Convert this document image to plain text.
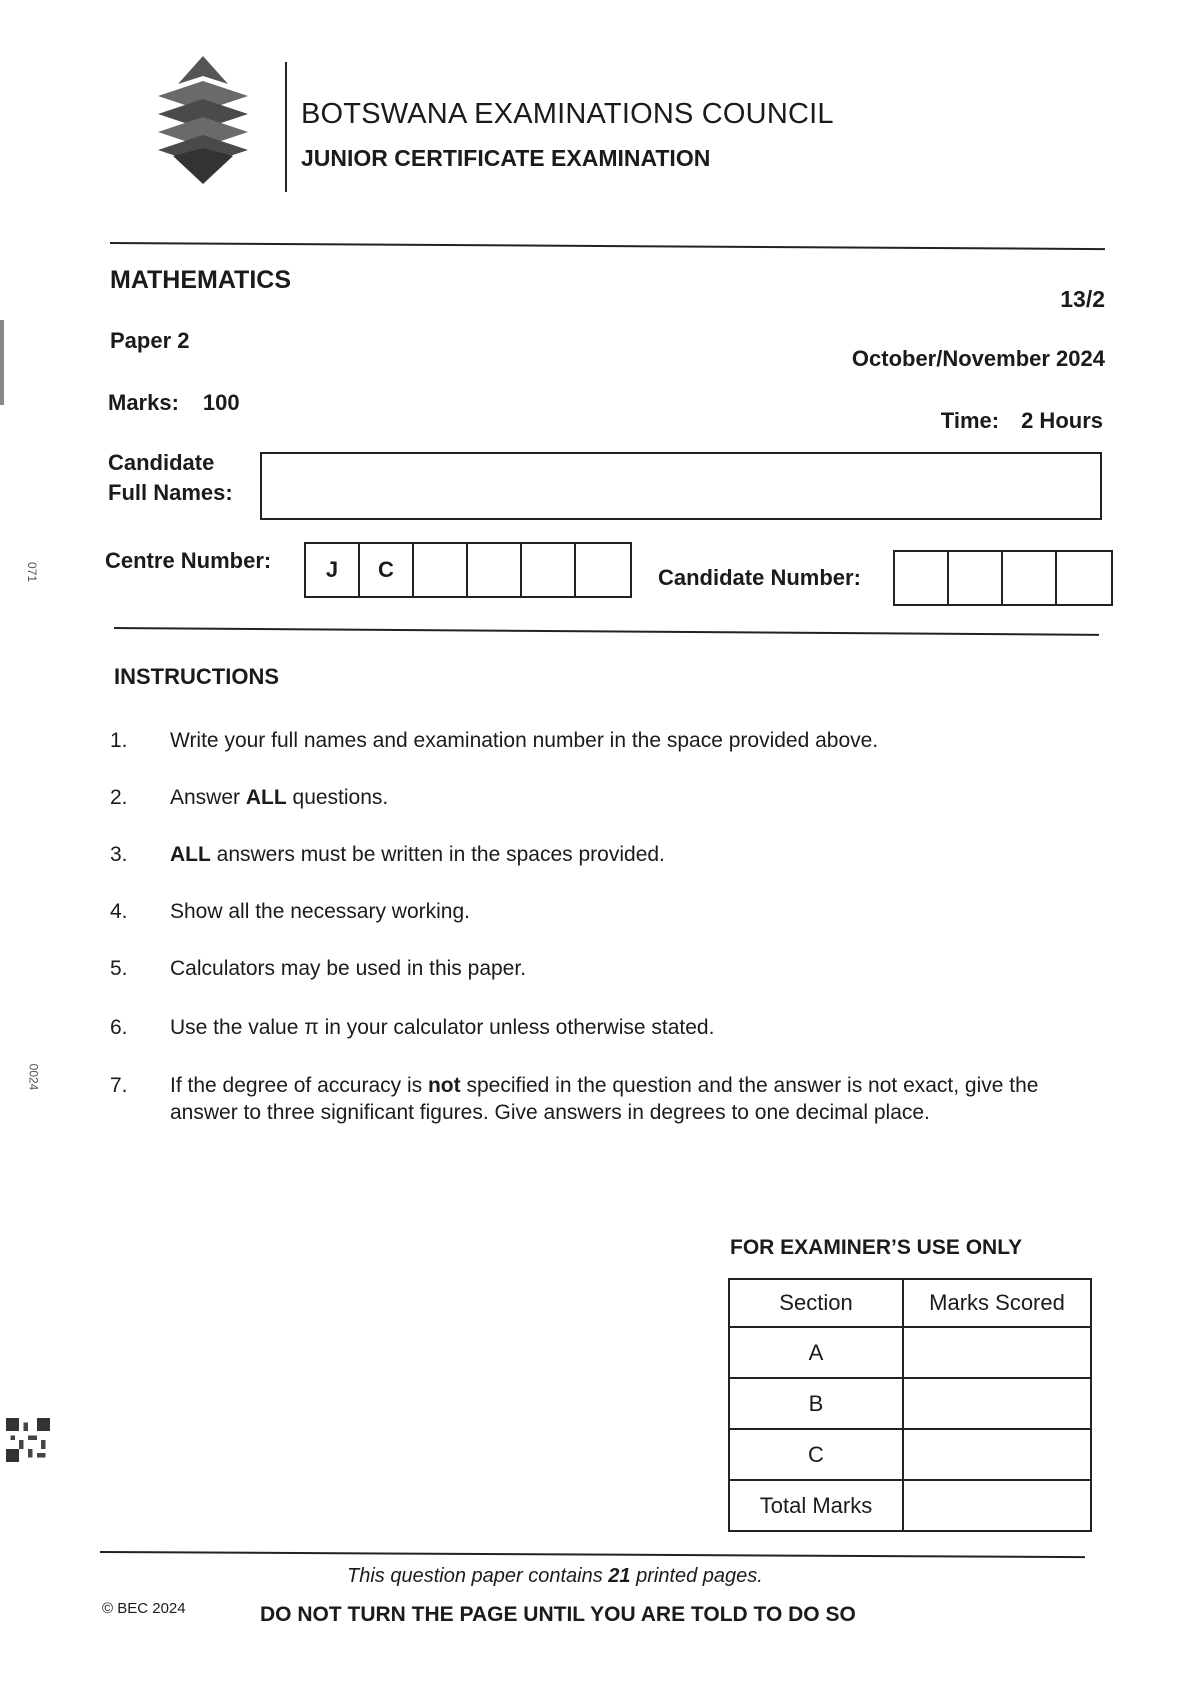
BOTSWANA EXAMINATIONS COUNCIL
JUNIOR CERTIFICATE EXAMINATION
MATHEMATICS
13/2
Paper 2
October/November 2024
Marks: 100
Time: 2 Hours
Candidate
Full Names:
Centre Number:	J	C	Candidate Number:
INSTRUCTIONS
1.	Write your full names and examination number in the space provided above.
2.	Answer ALL questions.
3.	ALL answers must be written in the spaces provided.
4.	Show all the necessary working.
5.	Calculators may be used in this paper.
6.	Use the value π in your calculator unless otherwise stated.
7.	If the degree of accuracy is not specified in the question and the answer is not exact, give the answer to three significant figures. Give answers in degrees to one decimal place.
FOR EXAMINER’S USE ONLY
Section	Marks Scored
A	
B	
C	
Total Marks	
This question paper contains 21 printed pages.
© BEC 2024	DO NOT TURN THE PAGE UNTIL YOU ARE TOLD TO DO SO
071
0024
